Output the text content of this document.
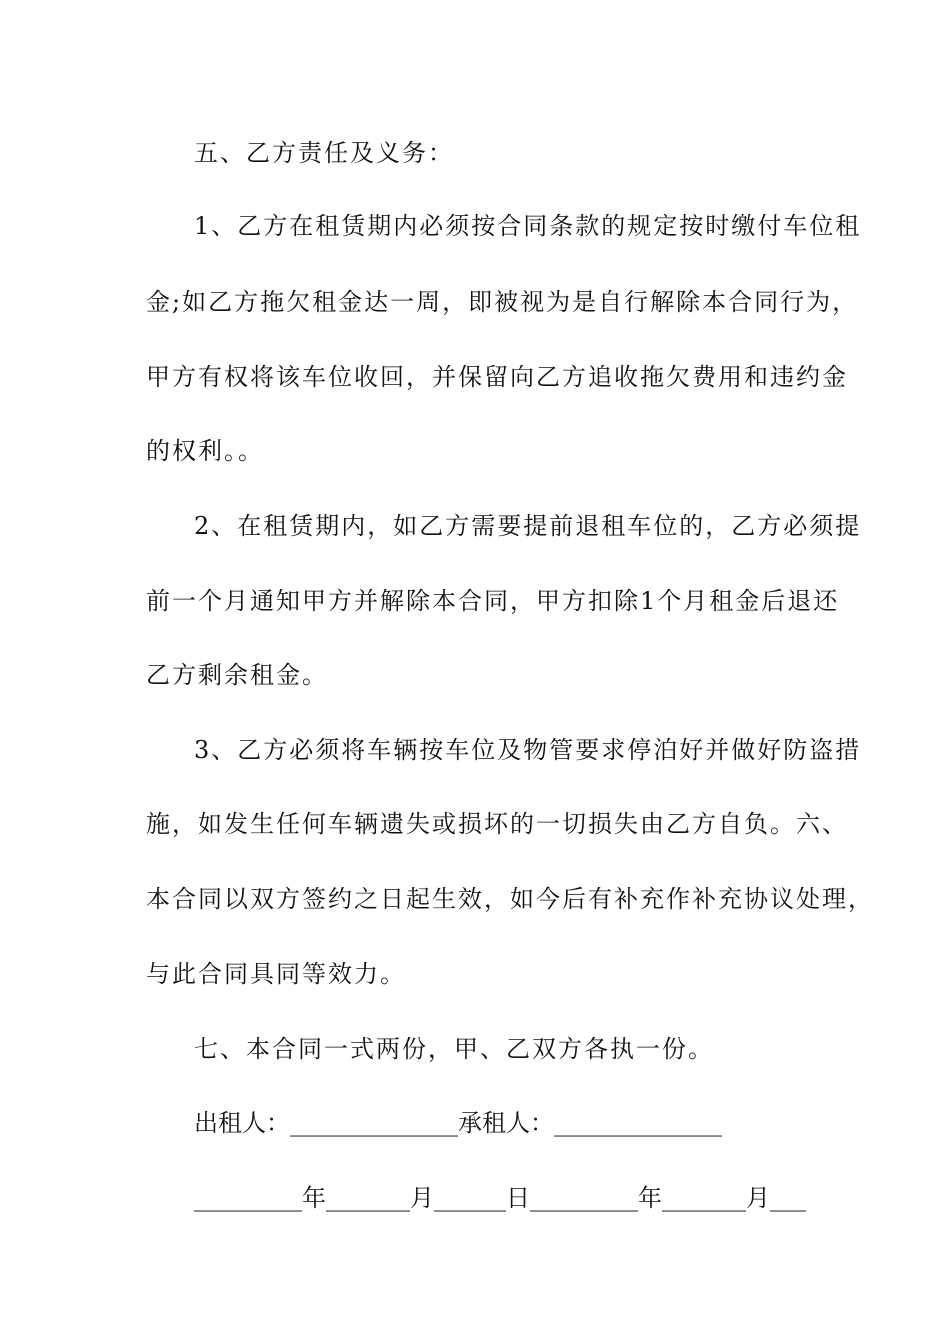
五、乙方责任及义务：
1、乙方在租赁期内必须按合同条款的规定按时缴付车位租
金;如乙方拖欠租金达一周，即被视为是自行解除本合同行为，
甲方有权将该车位收回，并保留向乙方追收拖欠费用和违约金
的权利。。
2、在租赁期内，如乙方需要提前退租车位的，乙方必须提
前一个月通知甲方并解除本合同，甲方扣除1个月租金后退还
乙方剩余租金。
3、乙方必须将车辆按车位及物管要求停泊好并做好防盗措
施，如发生任何车辆遗失或损坏的一切损失由乙方自负。六、
本合同以双方签约之日起生效，如今后有补充作补充协议处理，
与此合同具同等效力。
七、本合同一式两份，甲、乙双方各执一份。
出租人：______________承租人：______________
_________年_______月______日_________年_______月___
